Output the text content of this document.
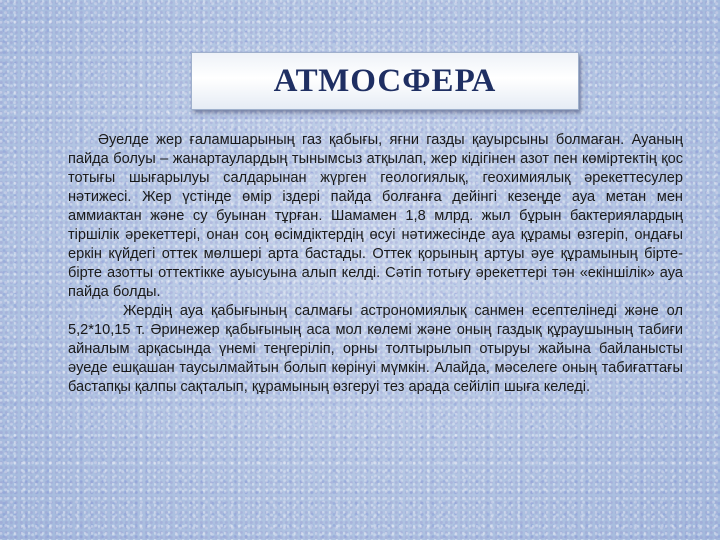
АТМОСФЕРА

Әуелде жер ғаламшарының газ қабығы, яғни газды қауырсыны болмаған. Ауаның пайда болуы – жанартаулардың тынымсыз атқылап, жер кідігінен азот пен көміртектің қос тотығы шығарылуы салдарынан жүрген геологиялық, геохимиялық әрекеттесулер нәтижесі. Жер үстінде өмір іздері пайда болғанға дейінгі кезеңде ауа метан мен аммиактан және су буынан тұрған. Шамамен 1,8 млрд. жыл бұрын бактериялардың тіршілік әрекеттері, онан соң өсімдіктердің өсуі нәтижесінде ауа құрамы өзгеріп, ондағы еркін күйдегі оттек мөлшері арта бастады. Оттек қорының артуы әуе құрамының бірте-бірте азотты оттектікке ауысуына алып келді. Сәтіп тотығу әрекеттері тән «екіншілік» ауа пайда болды.

Жердің ауа қабығының салмағы астрономиялық санмен есептелінеді және ол 5,2*10,15 т. Әринежер қабығының аса мол көлемі және оның газдық құраушының табиғи айналым арқасында үнемі теңгеріліп, орны толтырылып отыруы жайына байланысты әуеде ешқашан таусылмайтын болып көрінуі мүмкін. Алайда, мәселеге оның табиғаттағы бастапқы қалпы сақталып, құрамының өзгеруі тез арада сейіліп шыға келеді.
